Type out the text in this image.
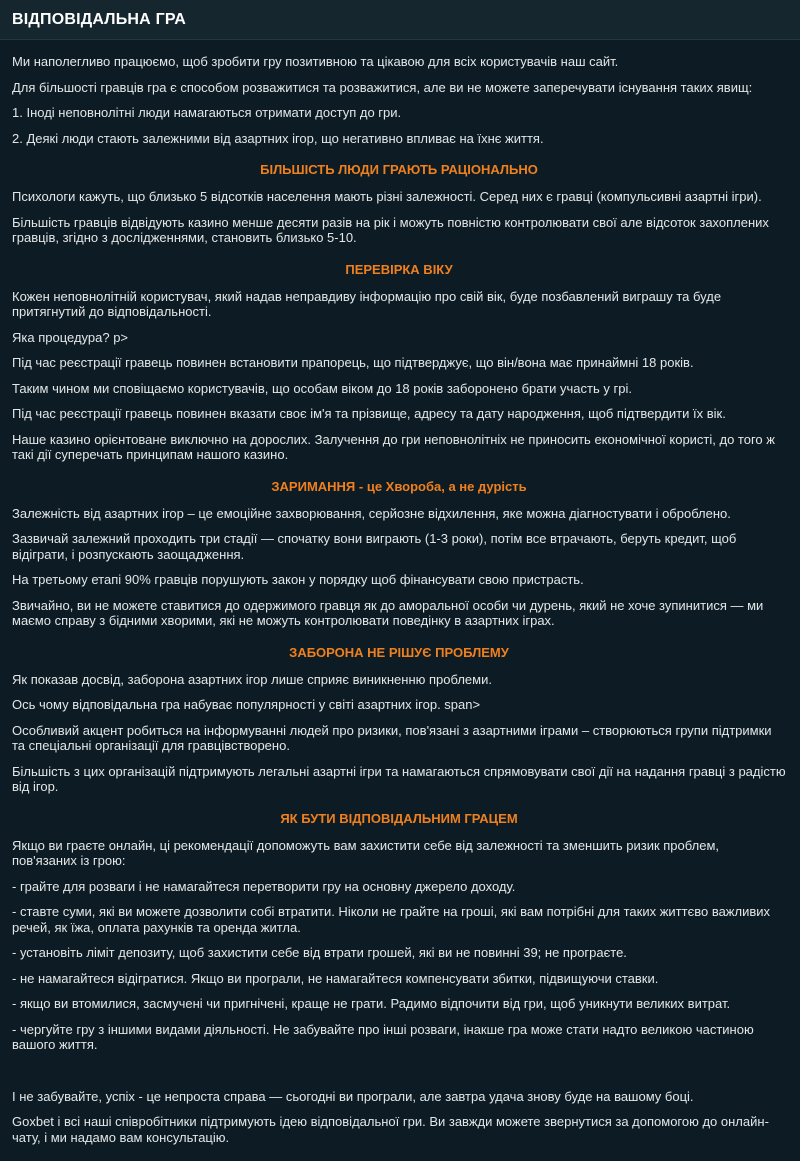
ВІДПОВІДАЛЬНА ГРА

Ми наполегливо працюємо, щоб зробити гру позитивною та цікавою для всіх користувачів наш сайт.

Для більшості гравців гра є способом розважитися та розважитися, але ви не можете заперечувати існування таких явищ:

1. Іноді неповнолітні люди намагаються отримати доступ до гри.

2. Деякі люди стають залежними від азартних ігор, що негативно впливає на їхнє життя.

БІЛЬШІСТЬ ЛЮДИ ГРАЮТЬ РАЦІОНАЛЬНО

Психологи кажуть, що близько 5 відсотків населення мають різні залежності. Серед них є гравці (компульсивні азартні ігри).

Більшість гравців відвідують казино менше десяти разів на рік і можуть повністю контролювати свої але відсоток захоплених гравців, згідно з дослідженнями, становить близько 5-10.

ПЕРЕВІРКА ВІКУ

Кожен неповнолітній користувач, який надав неправдиву інформацію про свій вік, буде позбавлений виграшу та буде притягнутий до відповідальності.

Яка процедура? p>

Під час реєстрації гравець повинен встановити прапорець, що підтверджує, що він/вона має принаймні 18 років.

Таким чином ми сповіщаємо користувачів, що особам віком до 18 років заборонено брати участь у грі.

Під час реєстрації гравець повинен вказати своє ім'я та прізвище, адресу та дату народження, щоб підтвердити їх вік.

Наше казино орієнтоване виключно на дорослих. Залучення до гри неповнолітніх не приносить економічної користі, до того ж такі дії суперечать принципам нашого казино.

ЗАРИМАННЯ - це Хвороба, а не дурість

Залежність від азартних ігор – це емоційне захворювання, серйозне відхилення, яке можна діагностувати і оброблено.

Зазвичай залежний проходить три стадії — спочатку вони виграють (1-3 роки), потім все втрачають, беруть кредит, щоб відіграти, і розпускають заощадження.

На третьому етапі 90% гравців порушують закон у порядку щоб фінансувати свою пристрасть.

Звичайно, ви не можете ставитися до одержимого гравця як до аморальної особи чи дурень, який не хоче зупинитися — ми маємо справу з бідними хворими, які не можуть контролювати поведінку в азартних іграх.

ЗАБОРОНА НЕ РІШУЄ ПРОБЛЕМУ

Як показав досвід, заборона азартних ігор лише сприяє виникненню проблеми.

Ось чому відповідальна гра набуває популярності у світі азартних ігор. span>

Особливий акцент робиться на інформуванні людей про ризики, пов'язані з азартними іграми – створюються групи підтримки та спеціальні організації для гравцівстворено.

Більшість з цих організацій підтримують легальні азартні ігри та намагаються спрямовувати свої дії на надання гравці з радістю від ігор.

ЯК БУТИ ВІДПОВІДАЛЬНИМ ГРАЦЕМ

Якщо ви граєте онлайн, ці рекомендації допоможуть вам захистити себе від залежності та зменшить ризик проблем, пов'язаних із грою:

- грайте для розваги і не намагайтеся перетворити гру на основну джерело доходу.

- ставте суми, які ви можете дозволити собі втратити. Ніколи не грайте на гроші, які вам потрібні для таких життєво важливих речей, як їжа, оплата рахунків та оренда житла.

- установіть ліміт депозиту, щоб захистити себе від втрати грошей, які ви не повинні 39; не програєте.

- не намагайтеся відігратися. Якщо ви програли, не намагайтеся компенсувати збитки, підвищуючи ставки.

- якщо ви втомилися, засмучені чи пригнічені, краще не грати. Радимо відпочити від гри, щоб уникнути великих витрат.

- чергуйте гру з іншими видами діяльності. Не забувайте про інші розваги, інакше гра може стати надто великою частиною вашого життя.

І не забувайте, успіх - це непроста справа — сьогодні ви програли, але завтра удача знову буде на вашому боці.

Goxbet і всі наші співробітники підтримують ідею відповідальної гри. Ви завжди можете звернутися за допомогою до онлайн-чату, і ми надамо вам консультацію.
